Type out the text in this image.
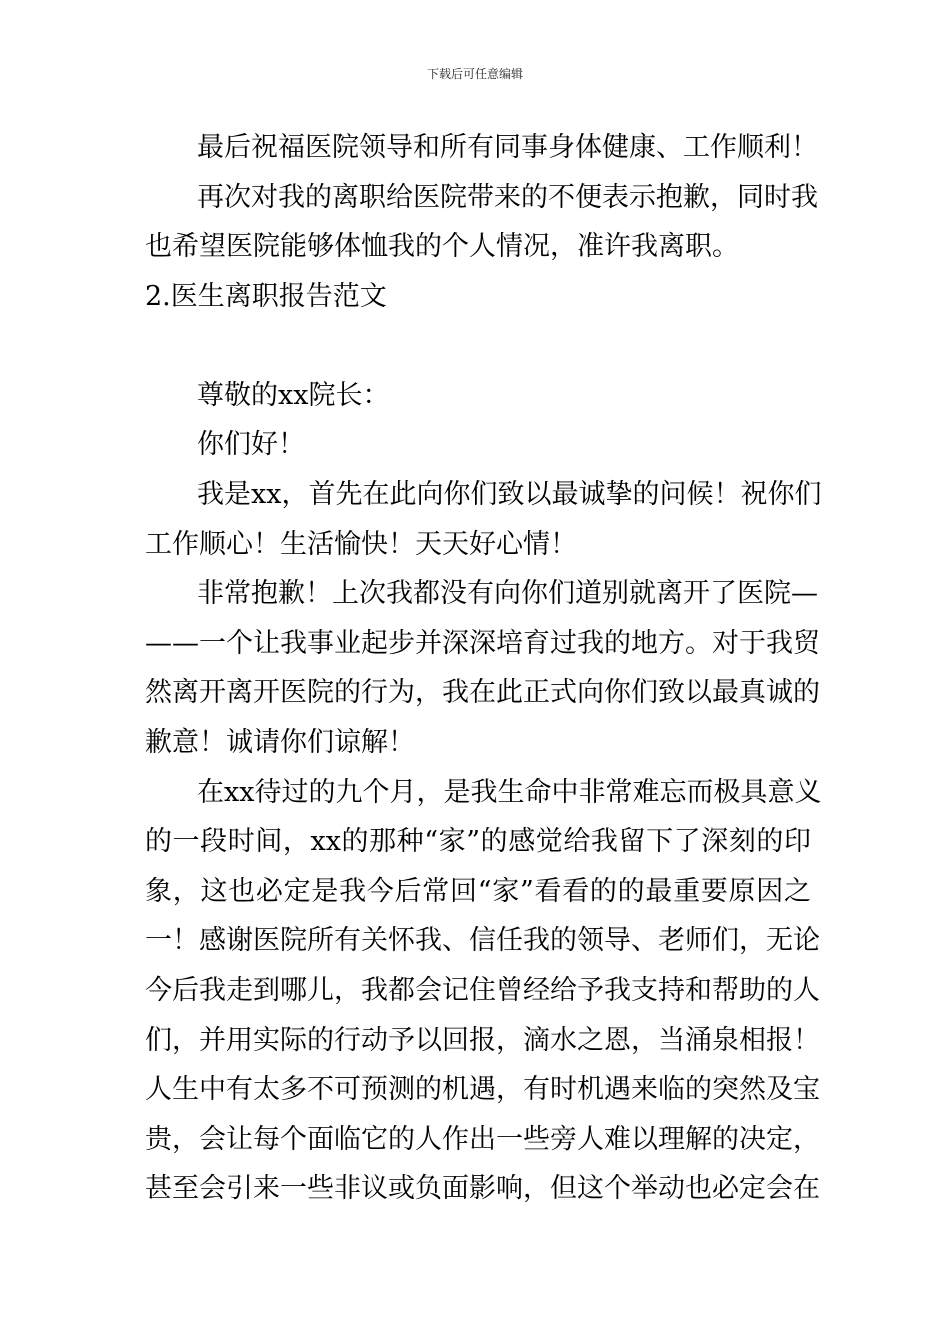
下载后可任意编辑
最后祝福医院领导和所有同事身体健康、工作顺利！
再次对我的离职给医院带来的不便表示抱歉，同时我
也希望医院能够体恤我的个人情况，准许我离职。
2.医生离职报告范文
尊敬的xx院长：
你们好！
我是xx，首先在此向你们致以最诚挚的问候！祝你们
工作顺心！生活愉快！天天好心情！
非常抱歉！上次我都没有向你们道别就离开了医院—
——一个让我事业起步并深深培育过我的地方。对于我贸
然离开离开医院的行为，我在此正式向你们致以最真诚的
歉意！诚请你们谅解！
在xx待过的九个月，是我生命中非常难忘而极具意义
的一段时间，xx的那种“家”的感觉给我留下了深刻的印
象，这也必定是我今后常回“家”看看的的最重要原因之
一！感谢医院所有关怀我、信任我的领导、老师们，无论
今后我走到哪儿，我都会记住曾经给予我支持和帮助的人
们，并用实际的行动予以回报，滴水之恩，当涌泉相报！
人生中有太多不可预测的机遇，有时机遇来临的突然及宝
贵，会让每个面临它的人作出一些旁人难以理解的决定，
甚至会引来一些非议或负面影响，但这个举动也必定会在
